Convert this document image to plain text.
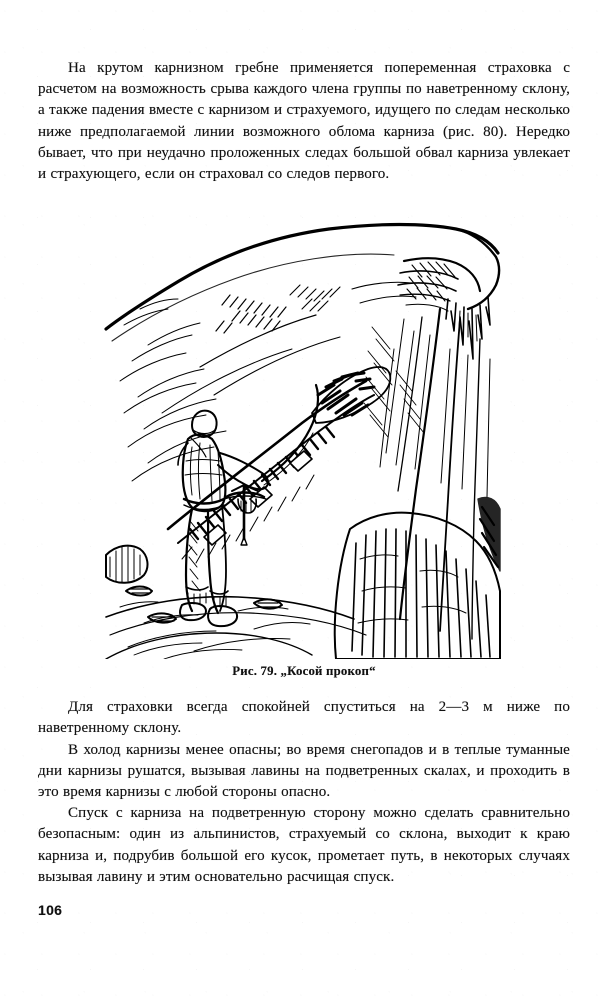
На крутом карнизном гребне применяется попеременная страховка с расчетом на возможность срыва каждого члена группы по наветренному склону, а также падения вместе с карнизом и страхуемого, идущего по следам несколько ниже предполагаемой линии возможного облома карниза (рис. 80). Нередко бывает, что при неудачно проложенных следах большой обвал карниза увлекает и страхующего, если он страховал со следов первого.

Рис. 79. „Косой прокоп“

Для страховки всегда спокойней спуститься на 2—3 м ниже по наветренному склону.

В холод карнизы менее опасны; во время снегопадов и в теплые туманные дни карнизы рушатся, вызывая лавины на подветренных скалах, и проходить в это время карнизы с любой стороны опасно.

Спуск с карниза на подветренную сторону можно сделать сравнительно безопасным: один из альпинистов, страхуемый со склона, выходит к краю карниза и, подрубив большой его кусок, прометает путь, в некоторых случаях вызывая лавину и этим основательно расчищая спуск.

106
